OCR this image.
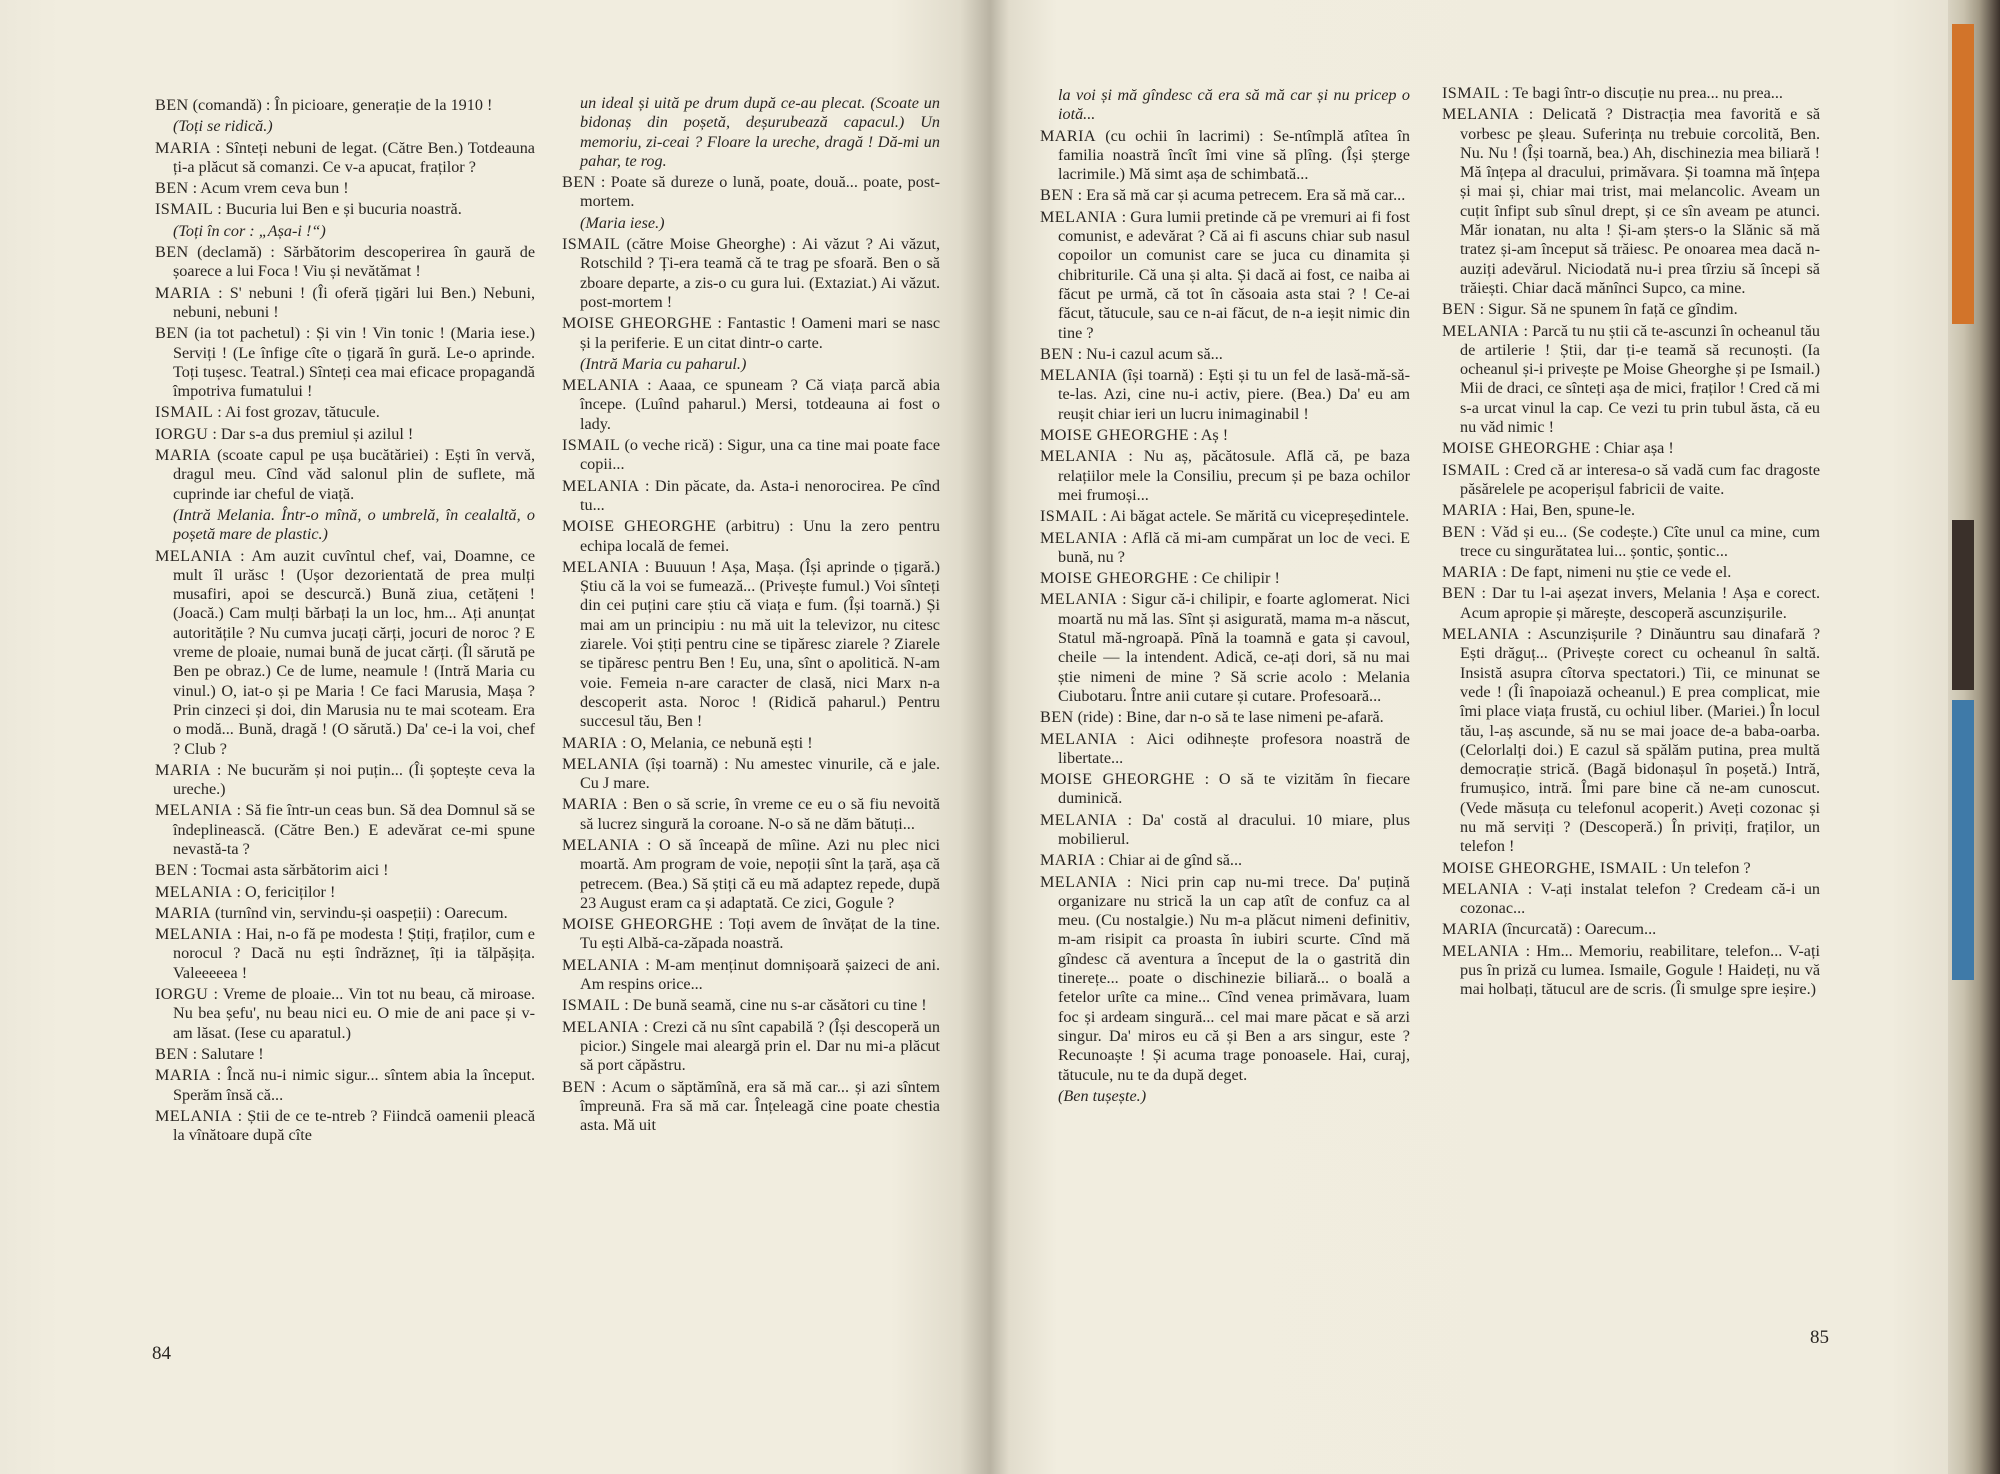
BEN (comandă) : În picioare, generație de la 1910 !

(Toți se ridică.)

MARIA : Sînteți nebuni de legat. (Către Ben.) Totdeauna ți-a plăcut să comanzi. Ce v-a apucat, fraților ?

BEN : Acum vrem ceva bun !

ISMAIL : Bucuria lui Ben e și bucuria noastră.

(Toți în cor : „Așa-i !“)

BEN (declamă) : Sărbătorim descoperirea în gaură de șoarece a lui Foca ! Viu și nevătămat !

MARIA : S' nebuni ! (Îi oferă țigări lui Ben.) Nebuni, nebuni, nebuni !

BEN (ia tot pachetul) : Și vin ! Vin tonic ! (Maria iese.) Serviți ! (Le înfige cîte o țigară în gură. Le-o aprinde. Toți tușesc. Teatral.) Sînteți cea mai eficace propagandă împotriva fumatului !

ISMAIL : Ai fost grozav, tătucule.

IORGU : Dar s-a dus premiul și azilul !

MARIA (scoate capul pe ușa bucătăriei) : Ești în vervă, dragul meu. Cînd văd salonul plin de suflete, mă cuprinde iar cheful de viață.

(Intră Melania. Într-o mînă, o umbrelă, în cealaltă, o poșetă mare de plastic.)

MELANIA : Am auzit cuvîntul chef, vai, Doamne, ce mult îl urăsc ! (Ușor dezorientată de prea mulți musafiri, apoi se descurcă.) Bună ziua, cetățeni ! (Joacă.) Cam mulți bărbați la un loc, hm... Ați anunțat autoritățile ? Nu cumva jucați cărți, jocuri de noroc ? E vreme de ploaie, numai bună de jucat cărți. (Îl sărută pe Ben pe obraz.) Ce de lume, neamule ! (Intră Maria cu vinul.) O, iat-o și pe Maria ! Ce faci Marusia, Mașa ? Prin cinzeci și doi, din Marusia nu te mai scoteam. Era o modă... Bună, dragă ! (O sărută.) Da' ce-i la voi, chef ? Club ?

MARIA : Ne bucurăm și noi puțin... (Îi șoptește ceva la ureche.)

MELANIA : Să fie într-un ceas bun. Să dea Domnul să se îndeplinească. (Către Ben.) E adevărat ce-mi spune nevastă-ta ?

BEN : Tocmai asta sărbătorim aici !

MELANIA : O, fericiților !

MARIA (turnînd vin, servindu-și oaspeții) : Oarecum.

MELANIA : Hai, n-o fă pe modesta ! Știți, fraților, cum e norocul ? Dacă nu ești îndrăzneț, îți ia tălpășița. Valeeeeea !

IORGU : Vreme de ploaie... Vin tot nu beau, că miroase. Nu bea șefu', nu beau nici eu. O mie de ani pace și v-am lăsat. (Iese cu aparatul.)

BEN : Salutare !

MARIA : Încă nu-i nimic sigur... sîntem abia la început. Sperăm însă că...

MELANIA : Știi de ce te-ntreb ? Fiindcă oamenii pleacă la vînătoare după cîte

un ideal și uită pe drum după ce-au plecat. (Scoate un bidonaș din poșetă, deșurubează capacul.) Un memoriu, zi-ceai ? Floare la ureche, dragă ! Dă-mi un pahar, te rog.

BEN : Poate să dureze o lună, poate, două... poate, post-mortem.

(Maria iese.)

ISMAIL (către Moise Gheorghe) : Ai văzut ? Ai văzut, Rotschild ? Ți-era teamă că te trag pe sfoară. Ben o să zboare departe, a zis-o cu gura lui. (Extaziat.) Ai văzut. post-mortem !

MOISE GHEORGHE : Fantastic ! Oameni mari se nasc și la periferie. E un citat dintr-o carte.

(Intră Maria cu paharul.)

MELANIA : Aaaa, ce spuneam ? Că viața parcă abia începe. (Luînd paharul.) Mersi, totdeauna ai fost o lady.

ISMAIL (o veche rică) : Sigur, una ca tine mai poate face copii...

MELANIA : Din păcate, da. Asta-i nenorocirea. Pe cînd tu...

MOISE GHEORGHE (arbitru) : Unu la zero pentru echipa locală de femei.

MELANIA : Buuuun ! Așa, Mașa. (Își aprinde o țigară.) Știu că la voi se fumează... (Privește fumul.) Voi sînteți din cei puțini care știu că viața e fum. (Își toarnă.) Și mai am un principiu : nu mă uit la televizor, nu citesc ziarele. Voi știți pentru cine se tipăresc ziarele ? Ziarele se tipăresc pentru Ben ! Eu, una, sînt o apolitică. N-am voie. Femeia n-are caracter de clasă, nici Marx n-a descoperit asta. Noroc ! (Ridică paharul.) Pentru succesul tău, Ben !

MARIA : O, Melania, ce nebună ești !

MELANIA (își toarnă) : Nu amestec vinurile, că e jale. Cu J mare.

MARIA : Ben o să scrie, în vreme ce eu o să fiu nevoită să lucrez singură la coroane. N-o să ne dăm bătuți...

MELANIA : O să înceapă de mîine. Azi nu plec nici moartă. Am program de voie, nepoții sînt la țară, așa că petrecem. (Bea.) Să știți că eu mă adaptez repede, după 23 August eram ca și adaptată. Ce zici, Gogule ?

MOISE GHEORGHE : Toți avem de învățat de la tine. Tu ești Albă-ca-zăpada noastră.

MELANIA : M-am menținut domnișoară șaizeci de ani. Am respins orice...

ISMAIL : De bună seamă, cine nu s-ar căsători cu tine !

MELANIA : Crezi că nu sînt capabilă ? (Își descoperă un picior.) Singele mai aleargă prin el. Dar nu mi-a plăcut să port căpăstru.

BEN : Acum o săptămînă, era să mă car... și azi sîntem împreună. Fra să mă car. Înțeleagă cine poate chestia asta. Mă uit

84

la voi și mă gîndesc că era să mă car și nu pricep o iotă...

MARIA (cu ochii în lacrimi) : Se-ntîmplă atîtea în familia noastră încît îmi vine să plîng. (Își șterge lacrimile.) Mă simt așa de schimbată...

BEN : Era să mă car și acuma petrecem. Era să mă car...

MELANIA : Gura lumii pretinde că pe vremuri ai fi fost comunist, e adevărat ? Că ai fi ascuns chiar sub nasul copoilor un comunist care se juca cu dinamita și chibriturile. Că una și alta. Și dacă ai fost, ce naiba ai făcut pe urmă, că tot în căsoaia asta stai ? ! Ce-ai făcut, tătucule, sau ce n-ai făcut, de n-a ieșit nimic din tine ?

BEN : Nu-i cazul acum să...

MELANIA (își toarnă) : Ești și tu un fel de lasă-mă-să-te-las. Azi, cine nu-i activ, piere. (Bea.) Da' eu am reușit chiar ieri un lucru inimaginabil !

MOISE GHEORGHE : Aș !

MELANIA : Nu aș, păcătosule. Află că, pe baza relațiilor mele la Consiliu, precum și pe baza ochilor mei frumoși...

ISMAIL : Ai băgat actele. Se mărită cu vicepreședintele.

MELANIA : Află că mi-am cumpărat un loc de veci. E bună, nu ?

MOISE GHEORGHE : Ce chilipir !

MELANIA : Sigur că-i chilipir, e foarte aglomerat. Nici moartă nu mă las. Sînt și asigurată, mama m-a născut, Statul mă-ngroapă. Pînă la toamnă e gata și cavoul, cheile — la intendent. Adică, ce-ați dori, să nu mai știe nimeni de mine ? Să scrie acolo : Melania Ciubotaru. Între anii cutare și cutare. Profesoară...

BEN (ride) : Bine, dar n-o să te lase nimeni pe-afară.

MELANIA : Aici odihnește profesora noastră de libertate...

MOISE GHEORGHE : O să te vizităm în fiecare duminică.

MELANIA : Da' costă al dracului. 10 miare, plus mobilierul.

MARIA : Chiar ai de gînd să...

MELANIA : Nici prin cap nu-mi trece. Da' puțină organizare nu strică la un cap atît de confuz ca al meu. (Cu nostalgie.) Nu m-a plăcut nimeni definitiv, m-am risipit ca proasta în iubiri scurte. Cînd mă gîndesc că aventura a început de la o gastrită din tinerețe... poate o dischinezie biliară... o boală a fetelor urîte ca mine... Cînd venea primăvara, luam foc și ardeam singură... cel mai mare păcat e să arzi singur. Da' miros eu că și Ben a ars singur, este ? Recunoaște ! Și acuma trage ponoasele. Hai, curaj, tătucule, nu te da după deget.

(Ben tușește.)

ISMAIL : Te bagi într-o discuție nu prea... nu prea...

MELANIA : Delicată ? Distracția mea favorită e să vorbesc pe șleau. Suferința nu trebuie corcolită, Ben. Nu. Nu ! (Își toarnă, bea.) Ah, dischinezia mea biliară ! Mă înțepa al dracului, primăvara. Și toamna mă înțepa și mai și, chiar mai trist, mai melancolic. Aveam un cuțit înfipt sub sînul drept, și ce sîn aveam pe atunci. Măr ionatan, nu alta ! Și-am șters-o la Slănic să mă tratez și-am început să trăiesc. Pe onoarea mea dacă n-auziți adevărul. Niciodată nu-i prea tîrziu să începi să trăiești. Chiar dacă mănînci Supco, ca mine.

BEN : Sigur. Să ne spunem în față ce gîndim.

MELANIA : Parcă tu nu știi că te-ascunzi în ocheanul tău de artilerie ! Știi, dar ți-e teamă să recunoști. (Ia ocheanul și-i privește pe Moise Gheorghe și pe Ismail.) Mii de draci, ce sînteți așa de mici, fraților ! Cred că mi s-a urcat vinul la cap. Ce vezi tu prin tubul ăsta, că eu nu văd nimic !

MOISE GHEORGHE : Chiar așa !

ISMAIL : Cred că ar interesa-o să vadă cum fac dragoste păsărelele pe acoperișul fabricii de vaite.

MARIA : Hai, Ben, spune-le.

BEN : Văd și eu... (Se codește.) Cîte unul ca mine, cum trece cu singurătatea lui... șontic, șontic...

MARIA : De fapt, nimeni nu știe ce vede el.

BEN : Dar tu l-ai așezat invers, Melania ! Așa e corect. Acum apropie și mărește, descoperă ascunzișurile.

MELANIA : Ascunzișurile ? Dinăuntru sau dinafară ? Ești drăguț... (Privește corect cu ocheanul în saltă. Insistă asupra cîtorva spectatori.) Tii, ce minunat se vede ! (Îi înapoiază ocheanul.) E prea complicat, mie îmi place viața frustă, cu ochiul liber. (Mariei.) În locul tău, l-aș ascunde, să nu se mai joace de-a baba-oarba. (Celorlalți doi.) E cazul să spălăm putina, prea multă democrație strică. (Bagă bidonașul în poșetă.) Intră, frumușico, intră. Îmi pare bine că ne-am cunoscut. (Vede măsuța cu telefonul acoperit.) Aveți cozonac și nu mă serviți ? (Descoperă.) În priviți, fraților, un telefon !

MOISE GHEORGHE, ISMAIL : Un telefon ?

MELANIA : V-ați instalat telefon ? Credeam că-i un cozonac...

MARIA (încurcată) : Oarecum...

MELANIA : Hm... Memoriu, reabilitare, telefon... V-ați pus în priză cu lumea. Ismaile, Gogule ! Haideți, nu vă mai holbați, tătucul are de scris. (Îi smulge spre ieșire.)

85
